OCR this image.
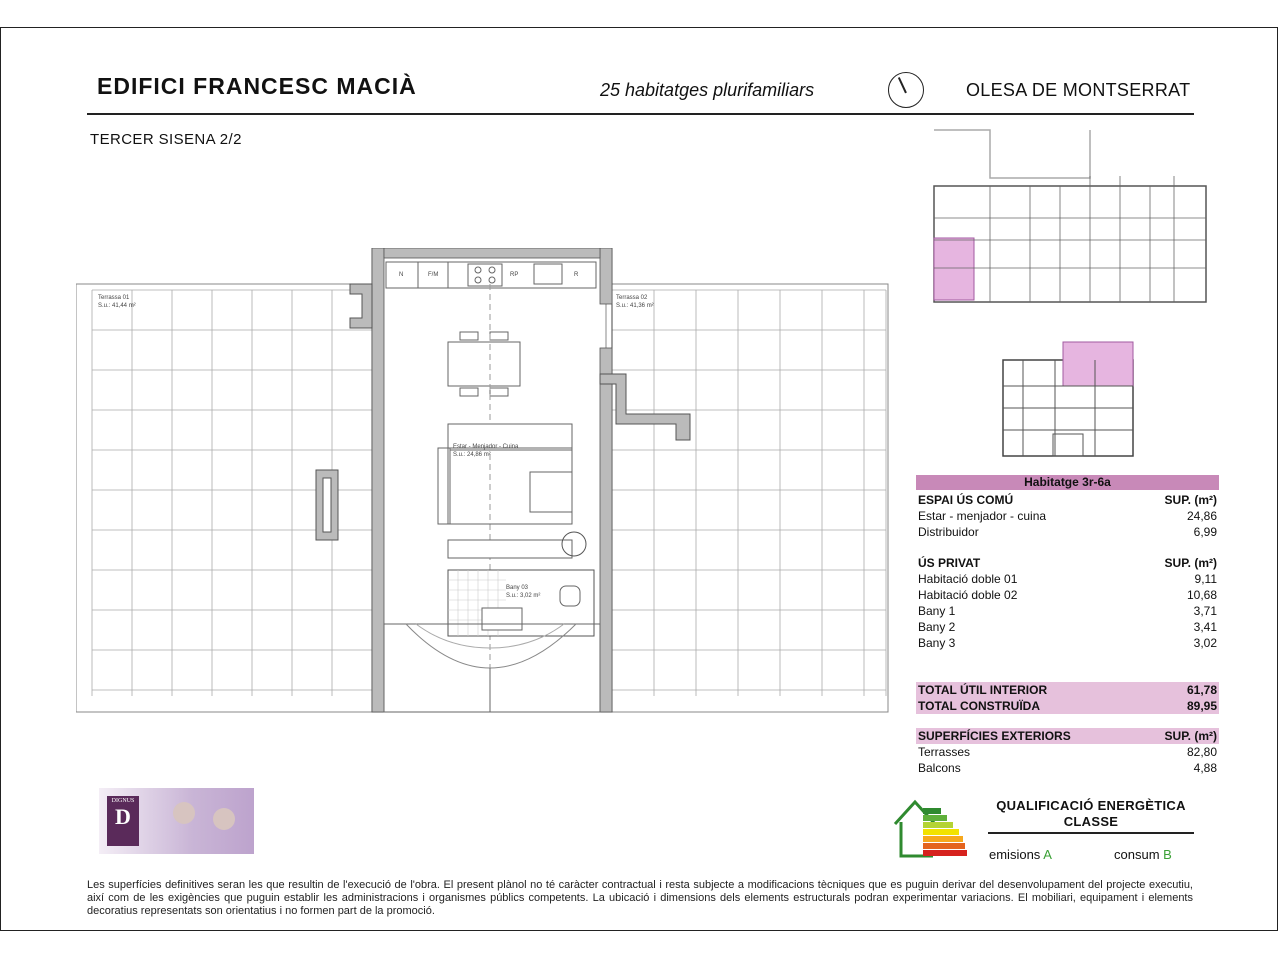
EDIFICI FRANCESC MACIÀ	25 habitatges plurifamiliars	OLESA DE MONTSERRAT
TERCER SISENA 2/2
Terrassa 01
S.u.: 41,44 m²
Terrassa 02
S.u.: 41,36 m²
Estar - Menjador - Cuina
S.u.: 24,86 m²
Bany 03
S.u.: 3,02 m²
N	F/M	RP	R
Habitatge 3r-6a
ESPAI ÚS COMÚ	SUP. (m²)
Estar - menjador - cuina	24,86
Distribuidor	6,99
ÚS PRIVAT	SUP. (m²)
Habitació doble 01	9,11
Habitació doble 02	10,68
Bany 1	3,71
Bany 2	3,41
Bany 3	3,02
TOTAL ÚTIL INTERIOR	61,78
TOTAL CONSTRUÏDA	89,95
SUPERFÍCIES EXTERIORS	SUP. (m²)
Terrasses	82,80
Balcons	4,88
DIGNUS
D	QUALIFICACIÓ ENERGÈTICA
CLASSE
emisions A	consum B
Les superfícies definitives seran les que resultin de l'execució de l'obra. El present plànol no té caràcter contractual i resta subjecte a modificacions tècniques que es puguin derivar del desenvolupament del projecte executiu, així com de les exigències que puguin establir les administracions i organismes públics competents. La ubicació i dimensions dels elements estructurals podran experimentar variacions. El mobiliari, equipament i elements decoratius representats son orientatius i no formen part de la promoció.
